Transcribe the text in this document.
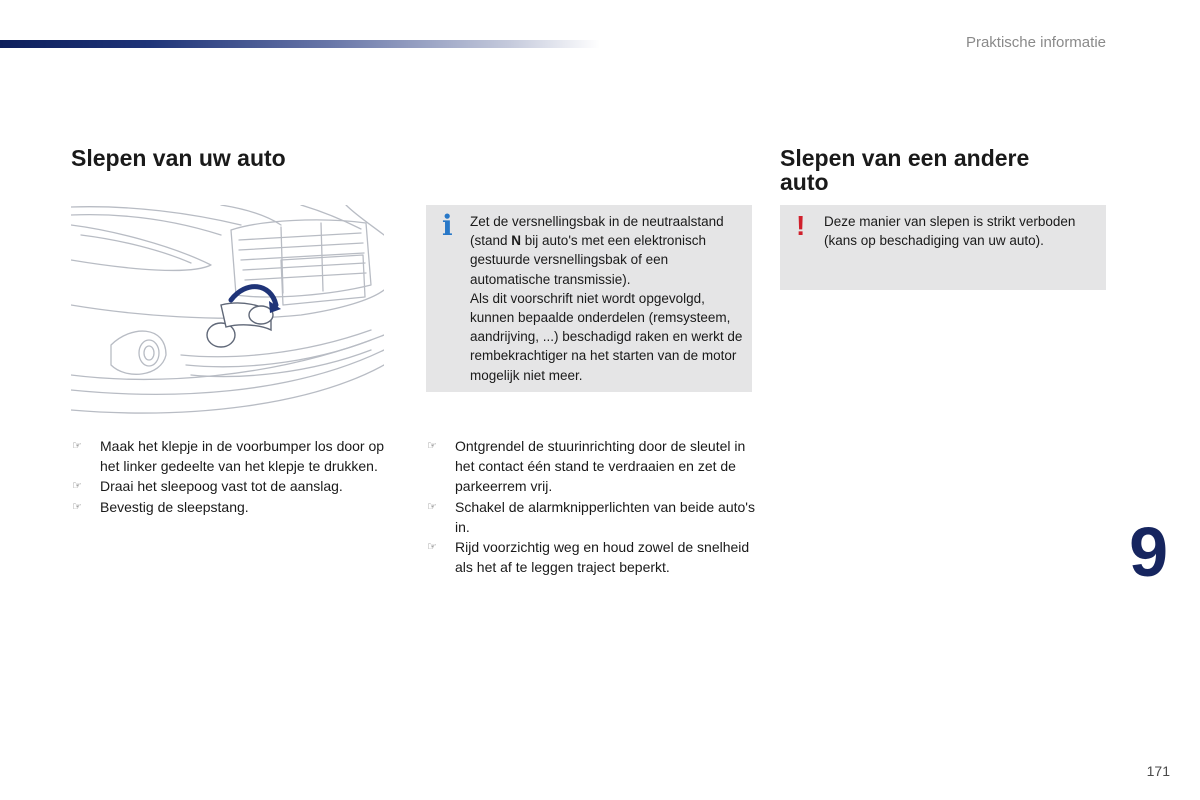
Praktische informatie
Slepen van uw auto	Slepen van een andere auto
i Zet de versnellingsbak in de neutraalstand (stand N bij auto's met een elektronisch gestuurde versnellingsbak of een automatische transmissie).
Als dit voorschrift niet wordt opgevolgd, kunnen bepaalde onderdelen (remsysteem, aandrijving, ...) beschadigd raken en werkt de rembekrachtiger na het starten van de motor mogelijk niet meer.
! Deze manier van slepen is strikt verboden (kans op beschadiging van uw auto).
☞ Maak het klepje in de voorbumper los door op het linker gedeelte van het klepje te drukken.
☞ Draai het sleepoog vast tot de aanslag.
☞ Bevestig de sleepstang.
☞ Ontgrendel de stuurinrichting door de sleutel in het contact één stand te verdraaien en zet de parkeerrem vrij.
☞ Schakel de alarmknipperlichten van beide auto's in.
☞ Rijd voorzichtig weg en houd zowel de snelheid als het af te leggen traject beperkt.	9
171
